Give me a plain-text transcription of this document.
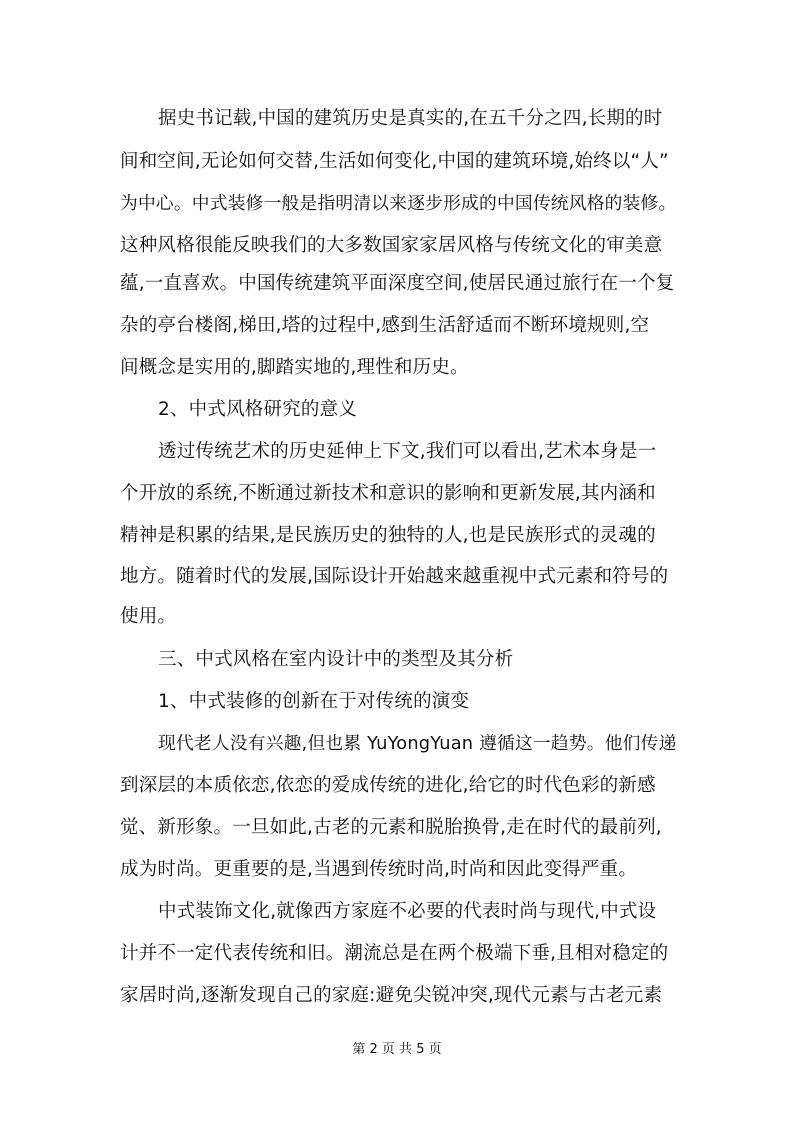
据史书记载,中国的建筑历史是真实的,在五千分之四,长期的时
间和空间,无论如何交替,生活如何变化,中国的建筑环境,始终以“人”
为中心。中式装修一般是指明清以来逐步形成的中国传统风格的装修。
这种风格很能反映我们的大多数国家家居风格与传统文化的审美意
蕴,一直喜欢。中国传统建筑平面深度空间,使居民通过旅行在一个复
杂的亭台楼阁,梯田,塔的过程中,感到生活舒适而不断环境规则,空
间概念是实用的,脚踏实地的,理性和历史。
2、中式风格研究的意义
透过传统艺术的历史延伸上下文,我们可以看出,艺术本身是一
个开放的系统,不断通过新技术和意识的影响和更新发展,其内涵和
精神是积累的结果,是民族历史的独特的人,也是民族形式的灵魂的
地方。随着时代的发展,国际设计开始越来越重视中式元素和符号的
使用。
三、中式风格在室内设计中的类型及其分析
1、中式装修的创新在于对传统的演变
现代老人没有兴趣,但也累 YuYongYuan 遵循这一趋势。他们传递
到深层的本质依恋,依恋的爱成传统的进化,给它的时代色彩的新感
觉、新形象。一旦如此,古老的元素和脱胎换骨,走在时代的最前列,
成为时尚。更重要的是,当遇到传统时尚,时尚和因此变得严重。
中式装饰文化,就像西方家庭不必要的代表时尚与现代,中式设
计并不一定代表传统和旧。潮流总是在两个极端下垂,且相对稳定的
家居时尚,逐渐发现自己的家庭:避免尖锐冲突,现代元素与古老元素
第 2 页 共 5 页
